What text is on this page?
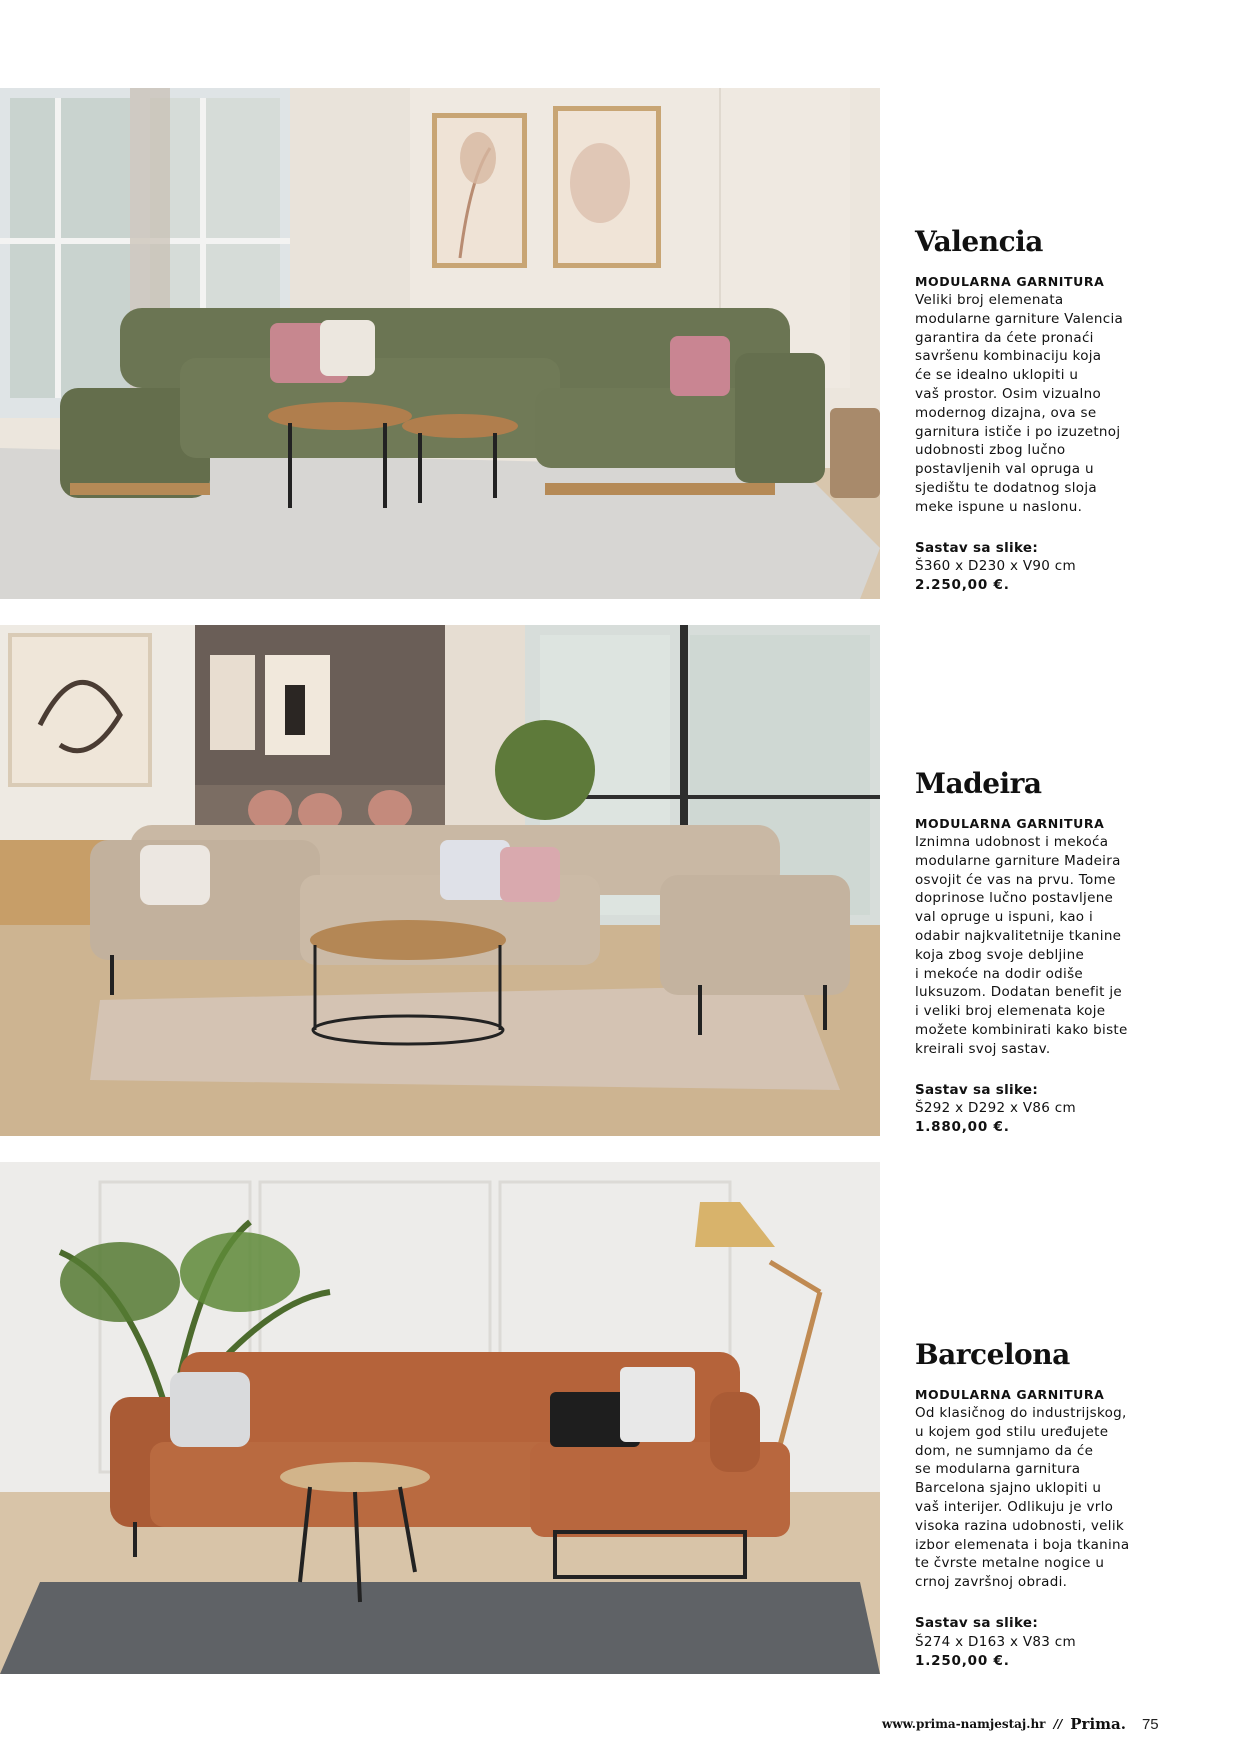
Valencia

MODULARNA GARNITURA

Veliki broj elemenata
modularne garniture Valencia
garantira da ćete pronaći
savršenu kombinaciju koja
će se idealno uklopiti u
vaš prostor. Osim vizualno
modernog dizajna, ova se
garnitura ističe i po izuzetnoj
udobnosti zbog lučno
postavljenih val opruga u
sjedištu te dodatnog sloja
meke ispune u naslonu.

Sastav sa slike:

Š360 x D230 x V90 cm

2.250,00 €.

Madeira

MODULARNA GARNITURA

Iznimna udobnost i mekoća
modularne garniture Madeira
osvojit će vas na prvu. Tome
doprinose lučno postavljene
val opruge u ispuni, kao i
odabir najkvalitetnije tkanine
koja zbog svoje debljine
i mekoće na dodir odiše
luksuzom. Dodatan benefit je
i veliki broj elemenata koje
možete kombinirati kako biste
kreirali svoj sastav.

Sastav sa slike:

Š292 x D292 x V86 cm

1.880,00 €.

Barcelona

MODULARNA GARNITURA

Od klasičnog do industrijskog,
u kojem god stilu uređujete
dom, ne sumnjamo da će
se modularna garnitura
Barcelona sjajno uklopiti u
vaš interijer. Odlikuju je vrlo
visoka razina udobnosti, velik
izbor elemenata i boja tkanina
te čvrste metalne nogice u
crnoj završnoj obradi.

Sastav sa slike:

Š274 x D163 x V83 cm

1.250,00 €.

www.prima-namjestaj.hr // Prima. 75
